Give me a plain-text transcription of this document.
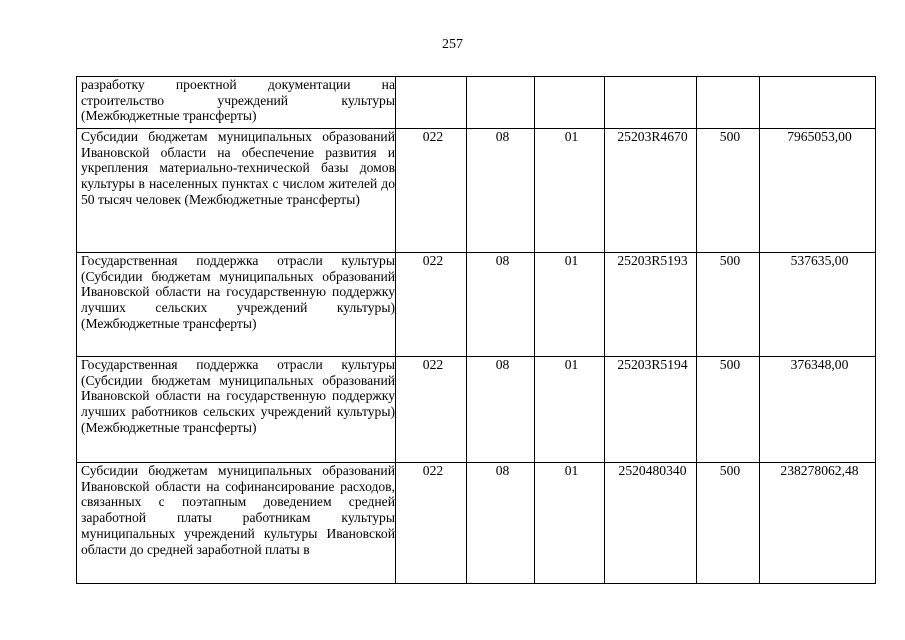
257
разработку проектной документации на строительство учреждений культуры (Межбюджетные трансферты)						
Субсидии бюджетам муниципальных образований Ивановской области на обеспечение развития и укрепления материально-технической базы домов культуры в населенных пунктах с числом жителей до 50 тысяч человек (Межбюджетные трансферты)	022	08	01	25203R4670	500	7965053,00
Государственная поддержка отрасли культуры (Субсидии бюджетам муниципальных образований Ивановской области на государственную поддержку лучших сельских учреждений культуры) (Межбюджетные трансферты)	022	08	01	25203R5193	500	537635,00
Государственная поддержка отрасли культуры (Субсидии бюджетам муниципальных образований Ивановской области на государственную поддержку лучших работников сельских учреждений культуры) (Межбюджетные трансферты)	022	08	01	25203R5194	500	376348,00
Субсидии бюджетам муниципальных образований Ивановской области на софинансирование расходов, связанных с поэтапным доведением средней заработной платы работникам культуры муниципальных учреждений культуры Ивановской области до средней заработной платы в	022	08	01	2520480340	500	238278062,48
